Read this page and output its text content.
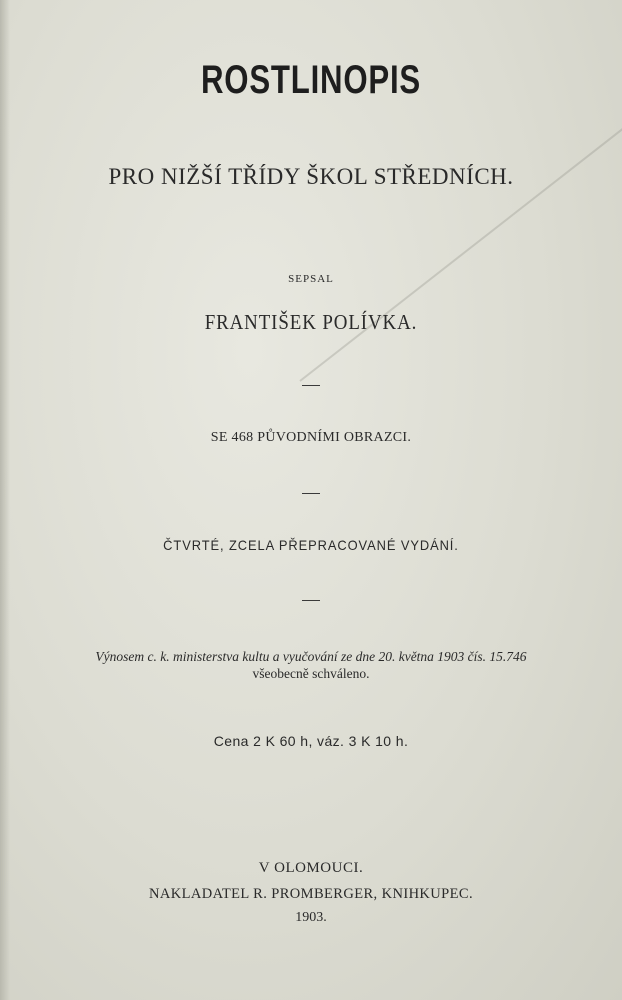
ROSTLINOPIS
PRO NIŽŠÍ TŘÍDY ŠKOL STŘEDNÍCH.
SEPSAL
FRANTIŠEK POLÍVKA.
SE 468 PŮVODNÍMI OBRAZCI.
ČTVRTÉ, ZCELA PŘEPRACOVANÉ VYDÁNÍ.
Výnosem c. k. ministerstva kultu a vyučování ze dne 20. května 1903 čís. 15.746
všeobecně schváleno.
Cena 2 K 60 h, váz. 3 K 10 h.
V OLOMOUCI.
NAKLADATEL R. PROMBERGER, KNIHKUPEC.
1903.
